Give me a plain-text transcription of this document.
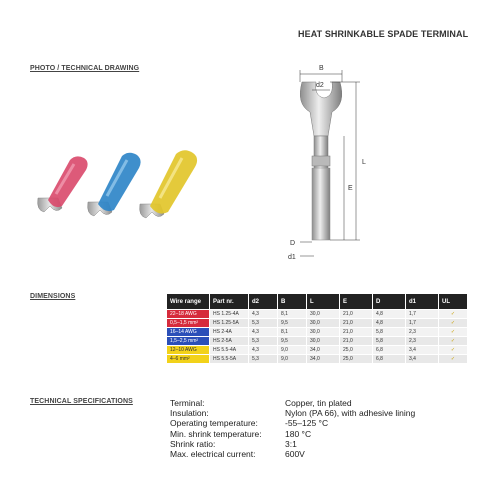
HEAT SHRINKABLE SPADE TERMINAL
PHOTO / TECHNICAL DRAWING
DIMENSIONS
TECHNICAL SPECIFICATIONS
B
d2
L
E
D
d1
Wire range	Part nr.	d2	B	L	E	D	d1	UL
22–18 AWG	HS 1.25-4A	4,3	8,1	30,0	21,0	4,8	1,7	✓
0,5–1,5 mm²	HS 1.25-5A	5,3	9,5	30,0	21,0	4,8	1,7	✓
16–14 AWG	HS 2-4A	4,3	8,1	30,0	21,0	5,8	2,3	✓
1,5–2,5 mm²	HS 2-5A	5,3	9,5	30,0	21,0	5,8	2,3	✓
12–10 AWG	HS 5.5-4A	4,3	9,0	34,0	25,0	6,8	3,4	✓
4–6 mm²	HS 5.5-5A	5,3	9,0	34,0	25,0	6,8	3,4	✓
Terminal:	Copper, tin plated
Insulation:	Nylon (PA 66), with adhesive lining
Operating temperature:	-55–125 °C
Min. shrink temperature:	180 °C
Shrink ratio:	3:1
Max. electrical current:	600V
